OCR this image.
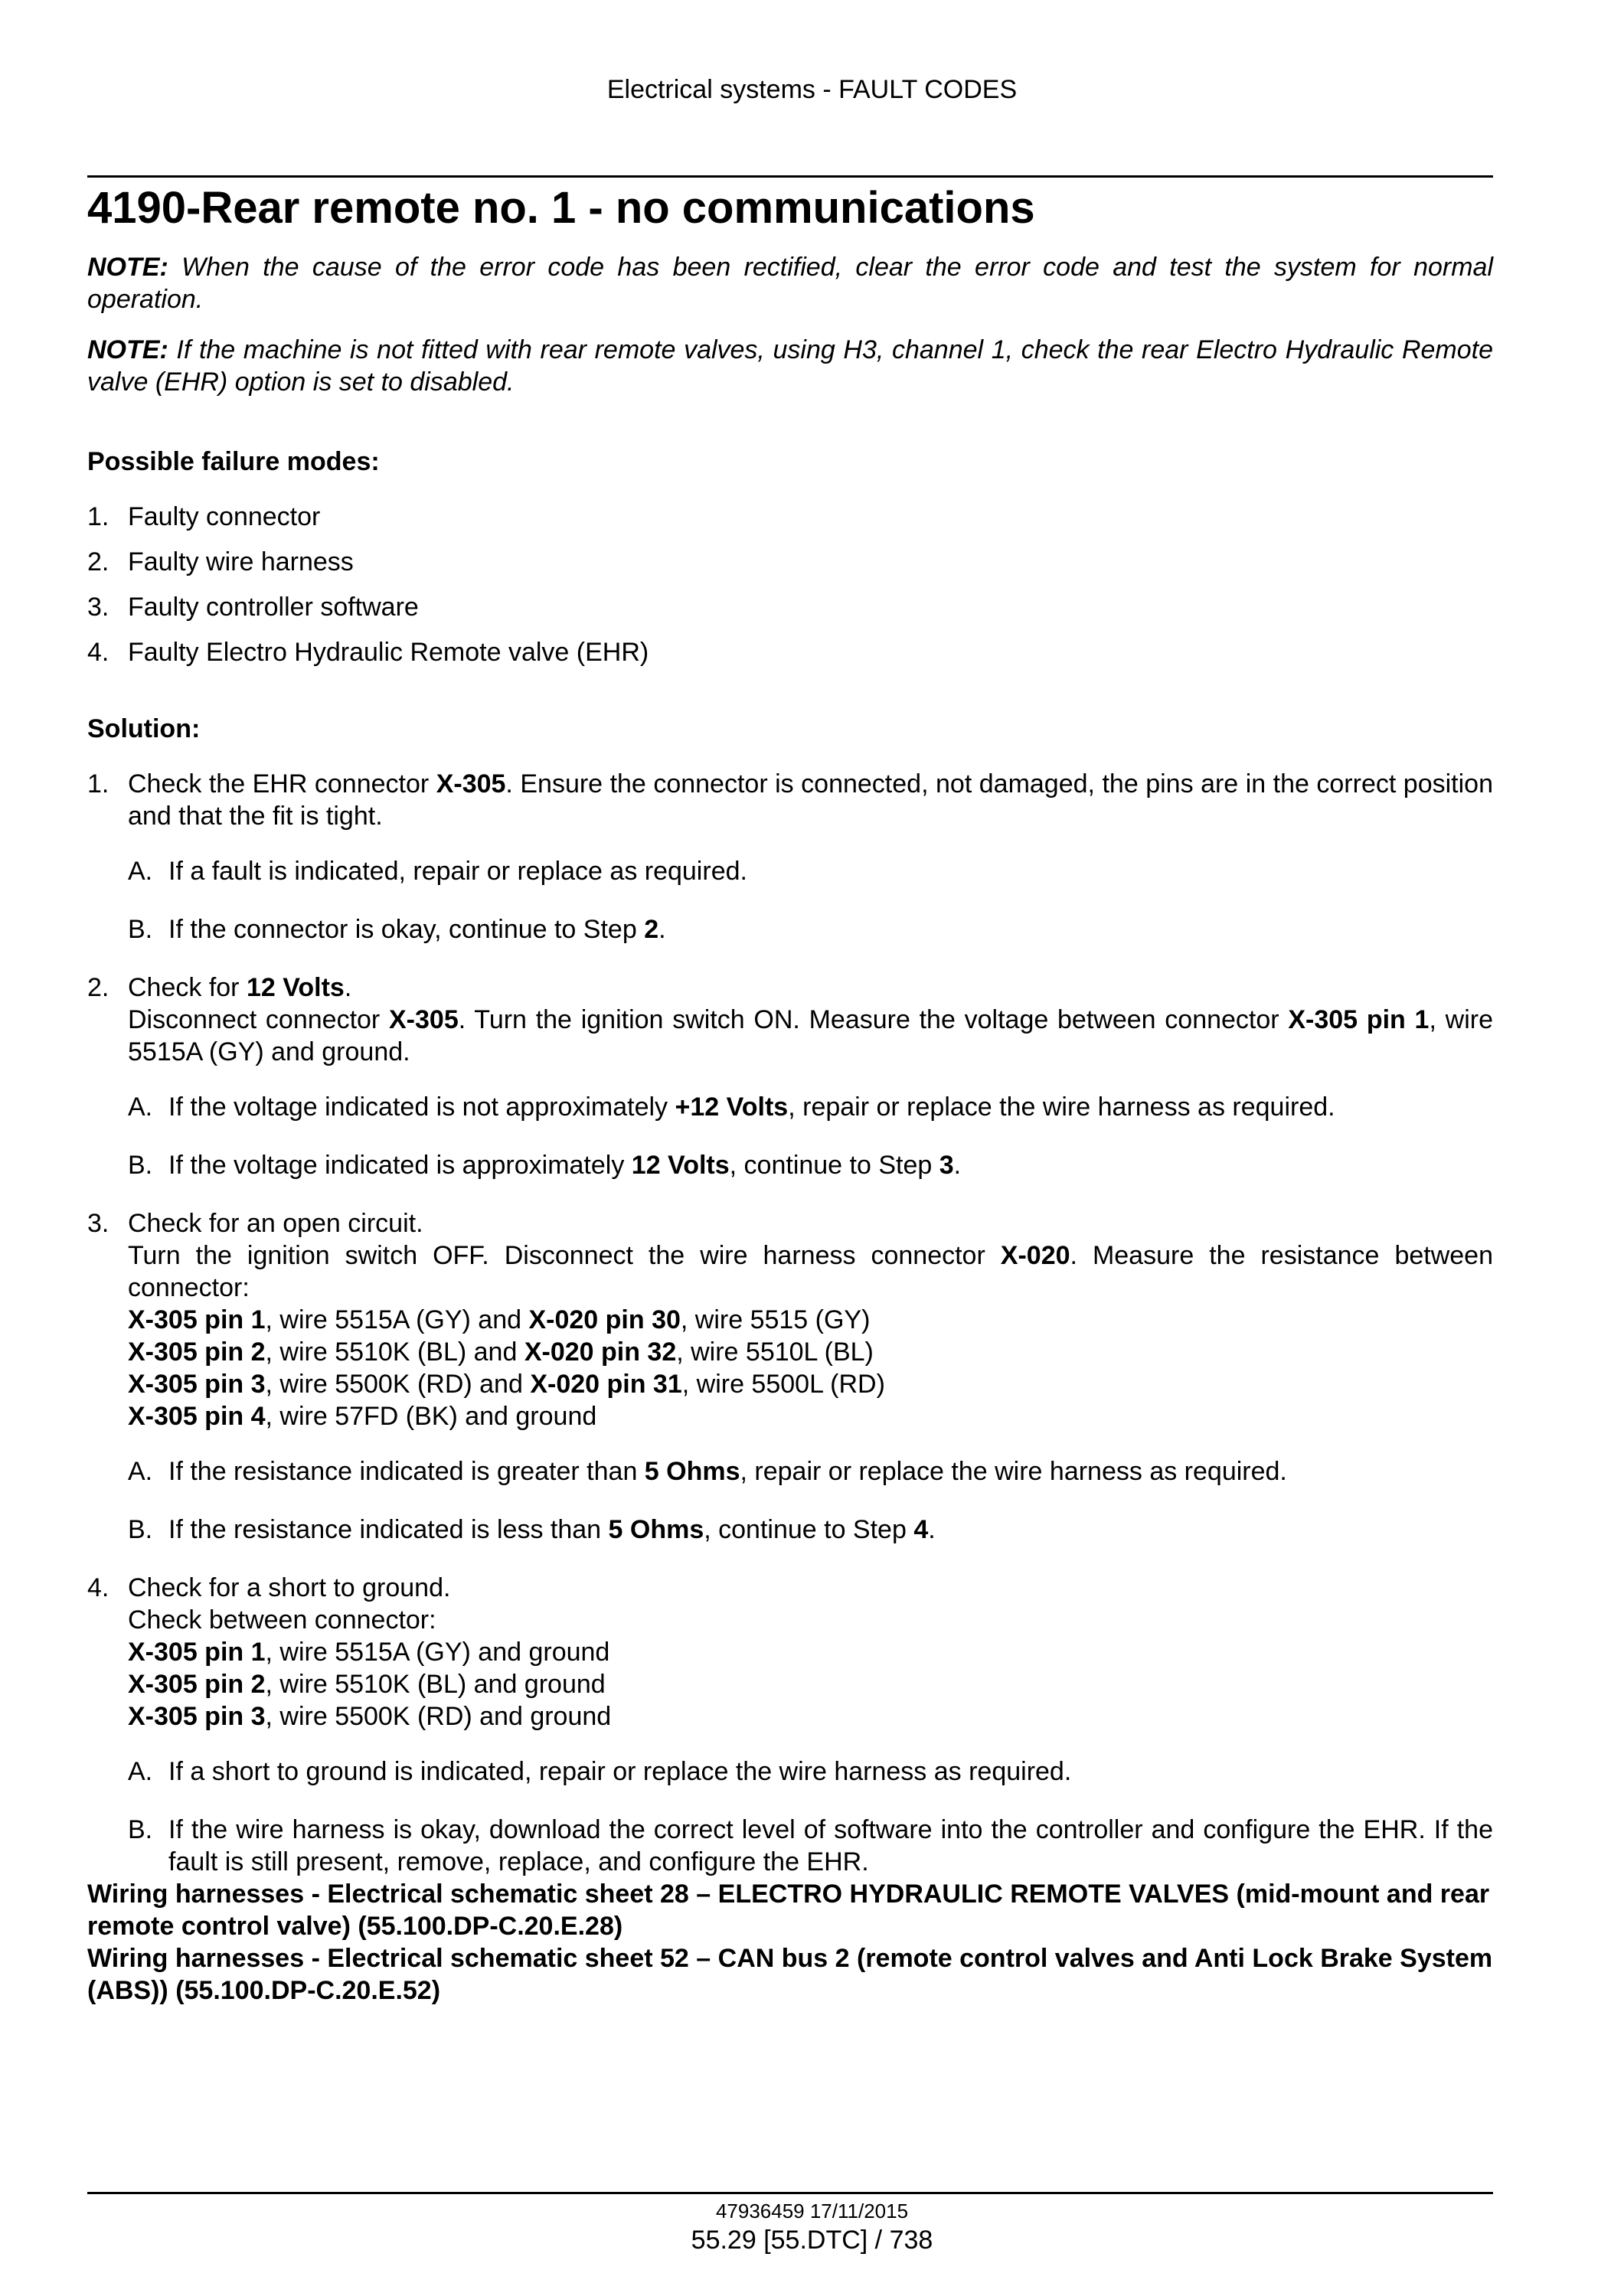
Electrical systems - FAULT CODES
4190-Rear remote no. 1 - no communications

NOTE: When the cause of the error code has been rectified, clear the error code and test the system for normal operation.

NOTE: If the machine is not fitted with rear remote valves, using H3, channel 1, check the rear Electro Hydraulic Remote valve (EHR) option is set to disabled.

Possible failure modes:
1. Faulty connector
2. Faulty wire harness
3. Faulty controller software
4. Faulty Electro Hydraulic Remote valve (EHR)
Solution:
1. Check the EHR connector X-305. Ensure the connector is connected, not damaged, the pins are in the correct position and that the fit is tight.
A. If a fault is indicated, repair or replace as required.
B. If the connector is okay, continue to Step 2.
2. Check for 12 Volts.
Disconnect connector X-305. Turn the ignition switch ON. Measure the voltage between connector X-305 pin 1, wire 5515A (GY) and ground.
A. If the voltage indicated is not approximately +12 Volts, repair or replace the wire harness as required.
B. If the voltage indicated is approximately 12 Volts, continue to Step 3.
3. Check for an open circuit.
Turn the ignition switch OFF. Disconnect the wire harness connector X-020. Measure the resistance between connector:
X-305 pin 1, wire 5515A (GY) and X-020 pin 30, wire 5515 (GY)
X-305 pin 2, wire 5510K (BL) and X-020 pin 32, wire 5510L (BL)
X-305 pin 3, wire 5500K (RD) and X-020 pin 31, wire 5500L (RD)
X-305 pin 4, wire 57FD (BK) and ground
A. If the resistance indicated is greater than 5 Ohms, repair or replace the wire harness as required.
B. If the resistance indicated is less than 5 Ohms, continue to Step 4.
4. Check for a short to ground.
Check between connector:
X-305 pin 1, wire 5515A (GY) and ground
X-305 pin 2, wire 5510K (BL) and ground
X-305 pin 3, wire 5500K (RD) and ground
A. If a short to ground is indicated, repair or replace the wire harness as required.
B. If the wire harness is okay, download the correct level of software into the controller and configure the EHR. If the fault is still present, remove, replace, and configure the EHR.

Wiring harnesses - Electrical schematic sheet 28 – ELECTRO HYDRAULIC REMOTE VALVES (mid-mount and rear remote control valve) (55.100.DP-C.20.E.28)

Wiring harnesses - Electrical schematic sheet 52 – CAN bus 2 (remote control valves and Anti Lock Brake System (ABS)) (55.100.DP-C.20.E.52)

47936459 17/11/2015
55.29 [55.DTC] / 738
